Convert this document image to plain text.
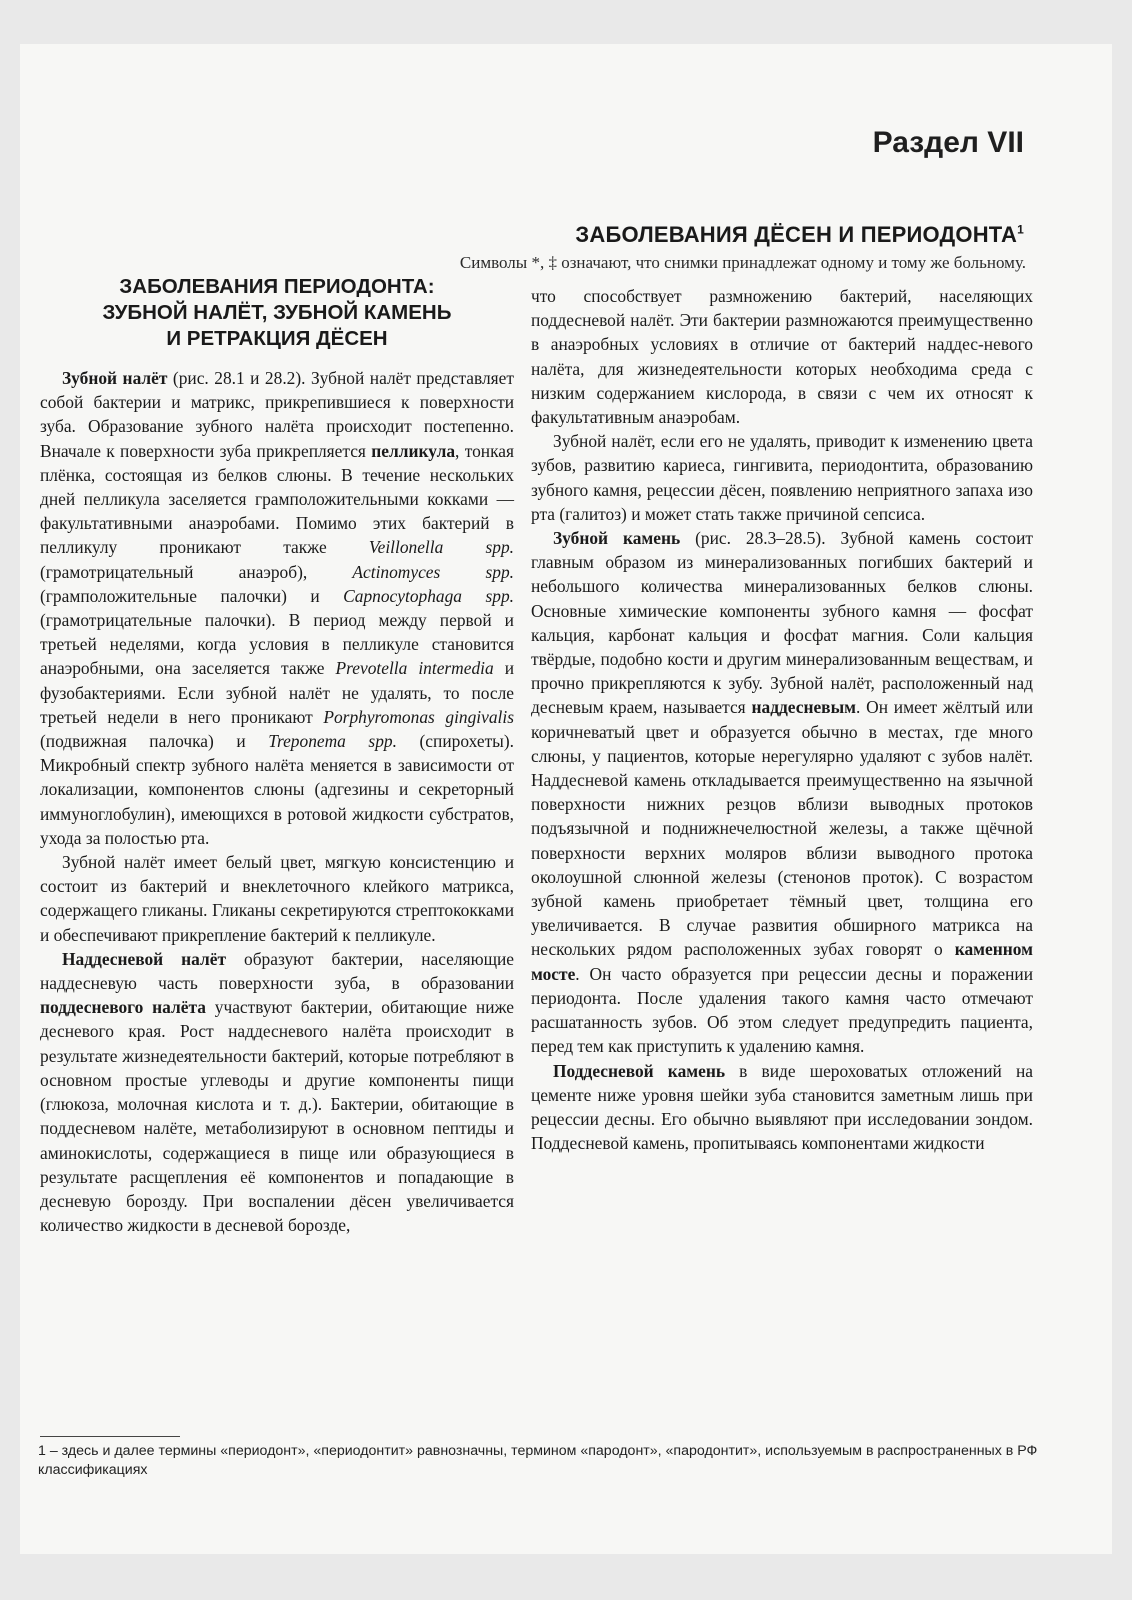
Раздел VII
ЗАБОЛЕВАНИЯ ДЁСЕН И ПЕРИОДОНТА$^1$
Символы *, ‡ означают, что снимки принадлежат одному и тому же больному.
ЗАБОЛЕВАНИЯ ПЕРИОДОНТА:
ЗУБНОЙ НАЛЁТ, ЗУБНОЙ КАМЕНЬ
И РЕТРАКЦИЯ ДЁСЕН

Зубной налёт (рис. 28.1 и 28.2). Зубной налёт представляет собой бактерии и матрикс, прикрепившиеся к поверхности зуба. Образование зубного налёта происходит постепенно. Вначале к поверхности зуба прикрепляется пелликула, тонкая плёнка, состоящая из белков слюны. В течение нескольких дней пелликула заселяется грамположительными кокками — факультативными анаэробами. Помимо этих бактерий в пелликулу проникают также Veillonella spp. (грамотрицательный анаэроб), Actinomyces spp. (грамположительные палочки) и Capnocytophaga spp. (грамотрицательные палочки). В период между первой и третьей неделями, когда условия в пелликуле становится анаэробными, она заселяется также Prevotella intermedia и фузобактериями. Если зубной налёт не удалять, то после третьей недели в него проникают Porphyromonas gingivalis (подвижная палочка) и Treponema spp. (спирохеты). Микробный спектр зубного налёта меняется в зависимости от локализации, компонентов слюны (адгезины и секреторный иммуноглобулин), имеющихся в ротовой жидкости субстратов, ухода за полостью рта.

Зубной налёт имеет белый цвет, мягкую консистенцию и состоит из бактерий и внеклеточного клейкого матрикса, содержащего гликаны. Гликаны секретируются стрептококками и обеспечивают прикрепление бактерий к пелликуле.

Наддесневой налёт образуют бактерии, населяющие наддесневую часть поверхности зуба, в образовании поддесневого налёта участвуют бактерии, обитающие ниже десневого края. Рост наддесневого налёта происходит в результате жизнедеятельности бактерий, которые потребляют в основном простые углеводы и другие компоненты пищи (глюкоза, молочная кислота и т. д.). Бактерии, обитающие в поддесневом налёте, метаболизируют в основном пептиды и аминокислоты, содержащиеся в пище или образующиеся в результате расщепления её компонентов и попадающие в десневую борозду. При воспалении дёсен увеличивается количество жидкости в десневой борозде,

что способствует размножению бактерий, населяющих поддесневой налёт. Эти бактерии размножаются преимущественно в анаэробных условиях в отличие от бактерий наддес-невого налёта, для жизнедеятельности которых необходима среда с низким содержанием кислорода, в связи с чем их относят к факультативным анаэробам.

Зубной налёт, если его не удалять, приводит к изменению цвета зубов, развитию кариеса, гингивита, периодонтита, образованию зубного камня, рецессии дёсен, появлению неприятного запаха изо рта (галитоз) и может стать также причиной сепсиса.

Зубной камень (рис. 28.3–28.5). Зубной камень состоит главным образом из минерализованных погибших бактерий и небольшого количества минерализованных белков слюны. Основные химические компоненты зубного камня — фосфат кальция, карбонат кальция и фосфат магния. Соли кальция твёрдые, подобно кости и другим минерализованным веществам, и прочно прикрепляются к зубу. Зубной налёт, расположенный над десневым краем, называется наддесневым. Он имеет жёлтый или коричневатый цвет и образуется обычно в местах, где много слюны, у пациентов, которые нерегулярно удаляют с зубов налёт. Наддесневой камень откладывается преимущественно на язычной поверхности нижних резцов вблизи выводных протоков подъязычной и поднижнечелюстной железы, а также щёчной поверхности верхних моляров вблизи выводного протока околоушной слюнной железы (стенонов проток). С возрастом зубной камень приобретает тёмный цвет, толщина его увеличивается. В случае развития обширного матрикса на нескольких рядом расположенных зубах говорят о каменном мосте. Он часто образуется при рецессии десны и поражении периодонта. После удаления такого камня часто отмечают расшатанность зубов. Об этом следует предупредить пациента, перед тем как приступить к удалению камня.

Поддесневой камень в виде шероховатых отложений на цементе ниже уровня шейки зуба становится заметным лишь при рецессии десны. Его обычно выявляют при исследовании зондом. Поддесневой камень, пропитываясь компонентами жидкости

1 – здесь и далее термины «периодонт», «периодонтит» равнозначны, термином «пародонт», «пародонтит», используемым в распространенных в РФ классификациях
